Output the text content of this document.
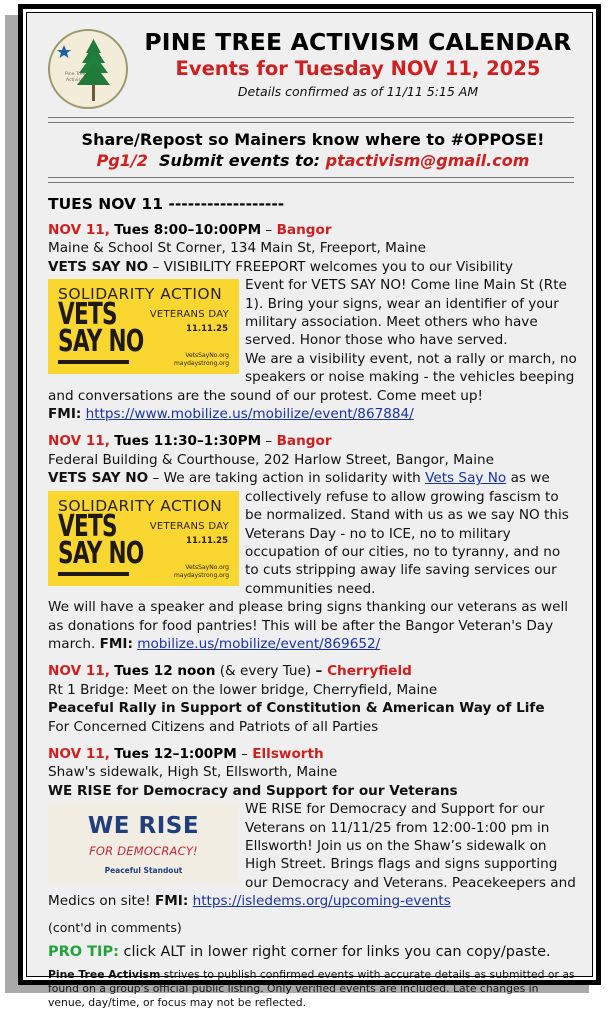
Pine Tree
Activism
PINE TREE ACTIVISM CALENDAR
Events for Tuesday NOV 11, 2025
Details confirmed as of 11/11 5:15 AM
Share/Repost so Mainers know where to #OPPOSE!
Pg1/2 Submit events to: ptactivism@gmail.com
TUES NOV 11 ------------------
NOV 11, Tues 8:00–10:00PM – Bangor
Maine & School St Corner, 134 Main St, Freeport, Maine
VETS SAY NO – VISIBILITY FREEPORT welcomes you to our Visibility
SOLIDARITY ACTION
VETERANS DAY
11.11.25
VETS
SAY NO	VetsSayNo.org
maydaystrong.org
Event for VETS SAY NO! Come line Main St (Rte 1). Bring your signs, wear an identifier of your military association. Meet others who have served. Honor those who have served.
We are a visibility event, not a rally or march, no speakers or noise making - the vehicles beeping and conversations are the sound of our protest. Come meet up!
FMI: https://www.mobilize.us/mobilize/event/867884/
NOV 11, Tues 11:30–1:30PM – Bangor
Federal Building & Courthouse, 202 Harlow Street, Bangor, Maine
VETS SAY NO – We are taking action in solidarity with Vets Say No as we
SOLIDARITY ACTION
VETERANS DAY
11.11.25
VETS
SAY NO	VetsSayNo.org
maydaystrong.org
collectively refuse to allow growing fascism to be normalized. Stand with us as we say NO this Veterans Day - no to ICE, no to military occupation of our cities, no to tyranny, and no to cuts stripping away life saving services our communities need.
We will have a speaker and please bring signs thanking our veterans as well as donations for food pantries! This will be after the Bangor Veteran's Day march. FMI: mobilize.us/mobilize/event/869652/
NOV 11, Tues 12 noon (& every Tue) – Cherryfield
Rt 1 Bridge: Meet on the lower bridge, Cherryfield, Maine
Peaceful Rally in Support of Constitution & American Way of Life
For Concerned Citizens and Patriots of all Parties
NOV 11, Tues 12–1:00PM – Ellsworth
Shaw's sidewalk, High St, Ellsworth, Maine
WE RISE for Democracy and Support for our Veterans
WE RISE
FOR DEMOCRACY!
Peaceful Standout
WE RISE for Democracy and Support for our Veterans on 11/11/25 from 12:00-1:00 pm in Ellsworth! Join us on the Shaw’s sidewalk on High Street. Brings flags and signs supporting our Democracy and Veterans. Peacekeepers and Medics on site! FMI: https://isledems.org/upcoming-events
(cont'd in comments)
PRO TIP: click ALT in lower right corner for links you can copy/paste.
Pine Tree Activism strives to publish confirmed events with accurate details as submitted or as found on a group's official public listing. Only verified events are included. Late changes in venue, day/time, or focus may not be reflected.
